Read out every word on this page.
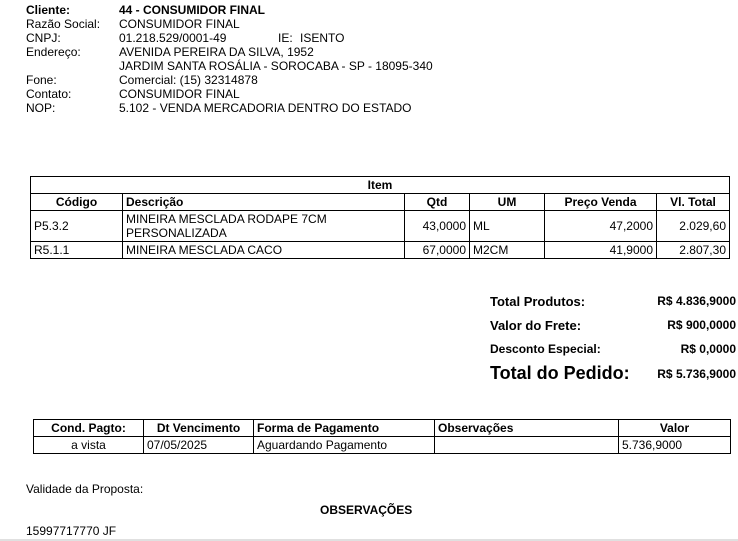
Cliente:	44 - CONSUMIDOR FINAL
Razão Social: CONSUMIDOR FINAL
CNPJ:	01.218.529/0001-49	IE: ISENTO
Endereço:	AVENIDA PEREIRA DA SILVA, 1952
JARDIM SANTA ROSÁLIA - SOROCABA - SP - 18095-340
Fone:	Comercial: (15) 32314878
Contato:	CONSUMIDOR FINAL
NOP:	5.102 - VENDA MERCADORIA DENTRO DO ESTADO
Item					
Código	Descrição	Qtd	UM	Preço Venda	Vl. Total
P5.3.2	MINEIRA MESCLADA RODAPE 7CM
PERSONALIZADA	43,0000	ML	47,2000	2.029,60
R5.1.1	MINEIRA MESCLADA CACO	67,0000	M2CM	41,9000	2.807,30
Total Produtos:	R$ 4.836,9000
Valor do Frete:	R$ 900,0000
Desconto Especial:	R$ 0,0000
Total do Pedido: R$ 5.736,9000
Cond. Pagto:	Dt Vencimento	Forma de Pagamento	Observações	Valor
a vista	07/05/2025	Aguardando Pagamento		5.736,9000
Validade da Proposta:
OBSERVAÇÕES
15997717770 JF
